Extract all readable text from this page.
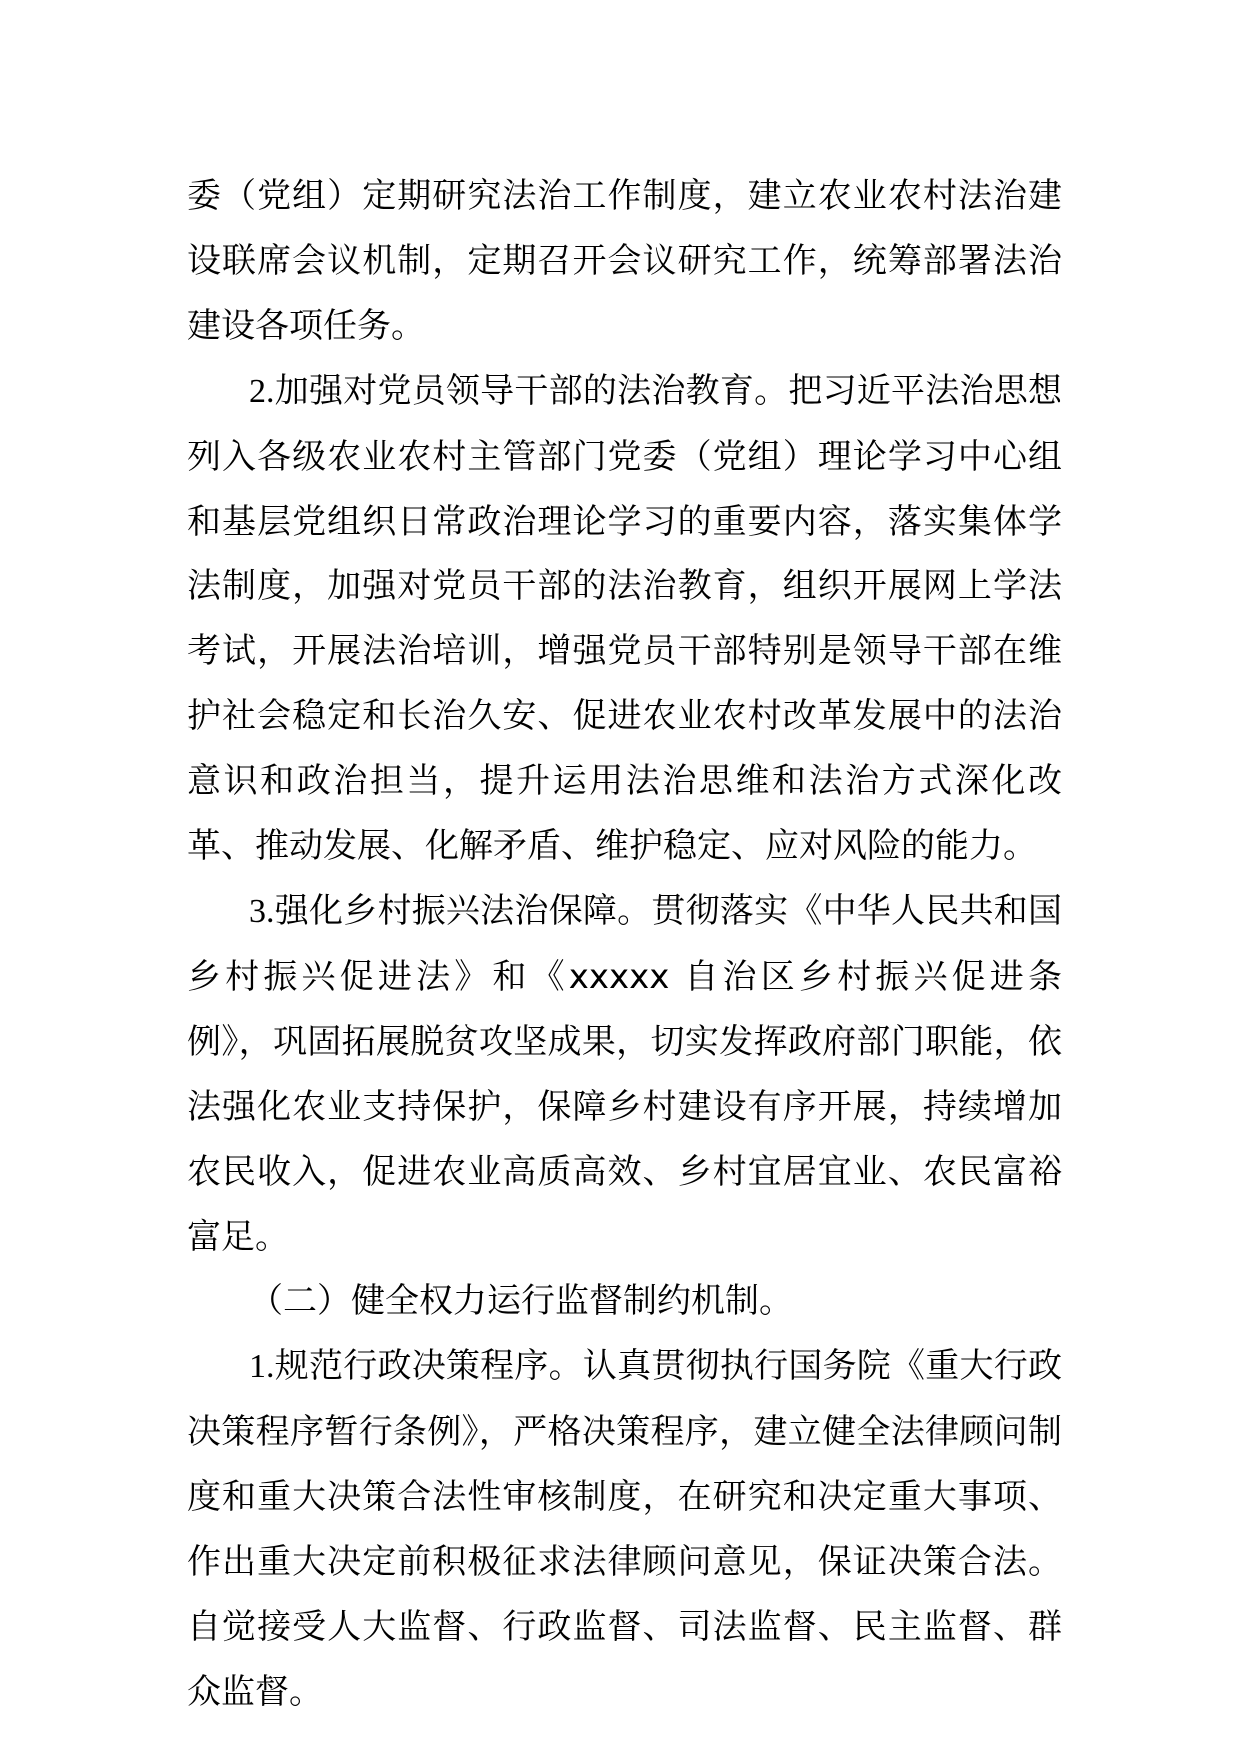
委（党组）定期研究法治工作制度，建立农业农村法治建设联席会议机制，定期召开会议研究工作，统筹部署法治建设各项任务。

2.加强对党员领导干部的法治教育。把习近平法治思想列入各级农业农村主管部门党委（党组）理论学习中心组和基层党组织日常政治理论学习的重要内容，落实集体学法制度，加强对党员干部的法治教育，组织开展网上学法考试，开展法治培训，增强党员干部特别是领导干部在维护社会稳定和长治久安、促进农业农村改革发展中的法治意识和政治担当，提升运用法治思维和法治方式深化改革、推动发展、化解矛盾、维护稳定、应对风险的能力。

3.强化乡村振兴法治保障。贯彻落实《中华人民共和国乡村振兴促进法》和《xxxxx 自治区乡村振兴促进条例》，巩固拓展脱贫攻坚成果，切实发挥政府部门职能，依法强化农业支持保护，保障乡村建设有序开展，持续增加农民收入，促进农业高质高效、乡村宜居宜业、农民富裕富足。

（二）健全权力运行监督制约机制。

1.规范行政决策程序。认真贯彻执行国务院《重大行政决策程序暂行条例》，严格决策程序，建立健全法律顾问制度和重大决策合法性审核制度，在研究和决定重大事项、作出重大决定前积极征求法律顾问意见，保证决策合法。自觉接受人大监督、行政监督、司法监督、民主监督、群众监督。
